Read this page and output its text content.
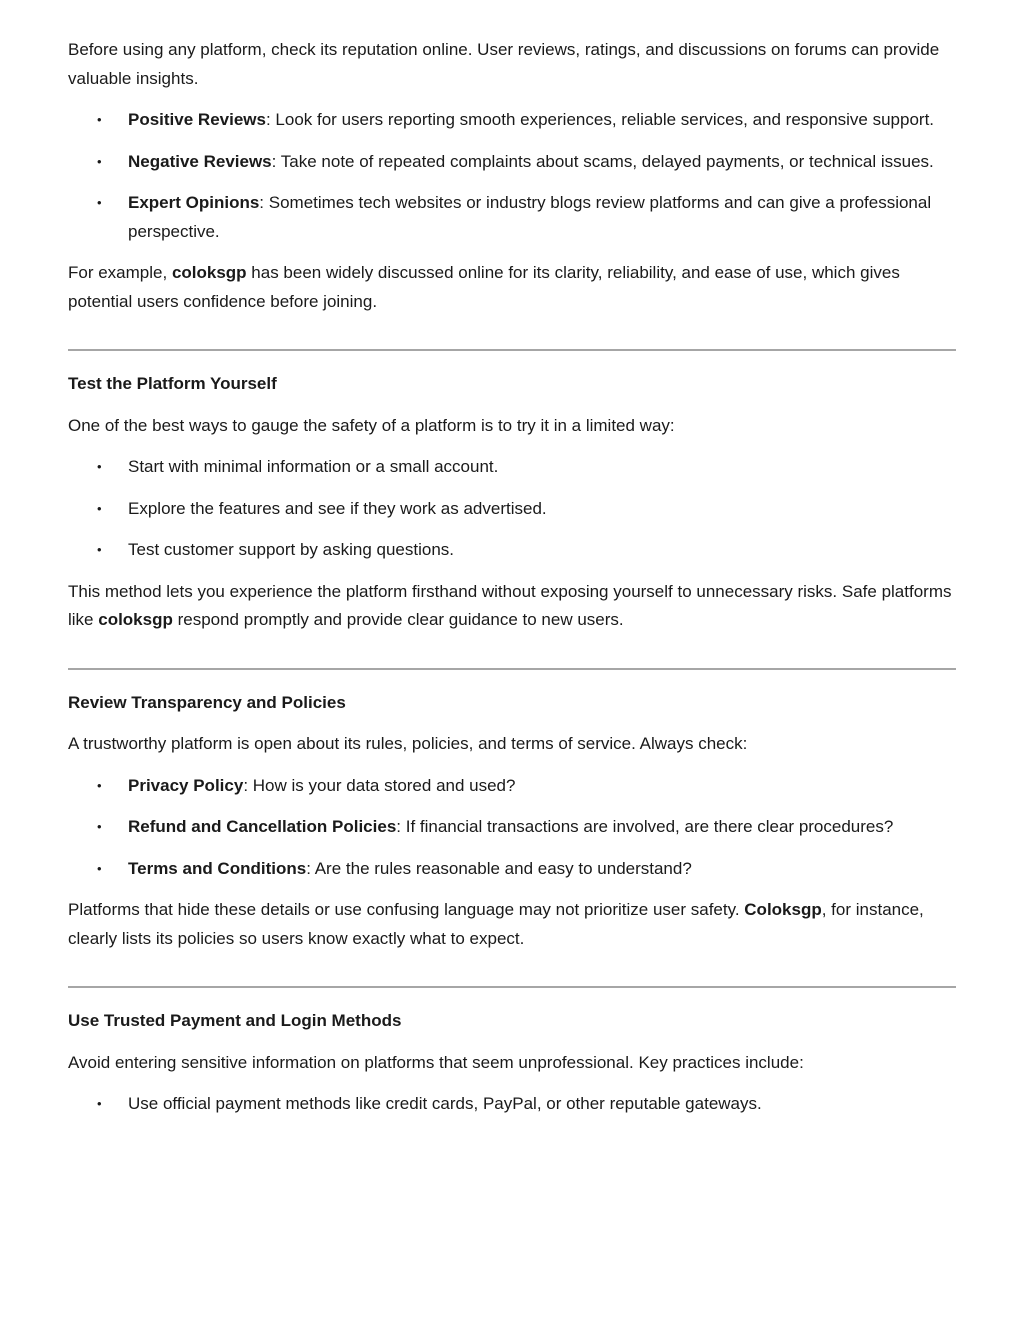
Before using any platform, check its reputation online. User reviews, ratings, and discussions on forums can provide valuable insights.

• Positive Reviews: Look for users reporting smooth experiences, reliable services, and responsive support.
• Negative Reviews: Take note of repeated complaints about scams, delayed payments, or technical issues.
• Expert Opinions: Sometimes tech websites or industry blogs review platforms and can give a professional perspective.

For example, coloksgp has been widely discussed online for its clarity, reliability, and ease of use, which gives potential users confidence before joining.

Test the Platform Yourself

One of the best ways to gauge the safety of a platform is to try it in a limited way:

• Start with minimal information or a small account.
• Explore the features and see if they work as advertised.
• Test customer support by asking questions.

This method lets you experience the platform firsthand without exposing yourself to unnecessary risks. Safe platforms like coloksgp respond promptly and provide clear guidance to new users.

Review Transparency and Policies

A trustworthy platform is open about its rules, policies, and terms of service. Always check:

• Privacy Policy: How is your data stored and used?
• Refund and Cancellation Policies: If financial transactions are involved, are there clear procedures?
• Terms and Conditions: Are the rules reasonable and easy to understand?

Platforms that hide these details or use confusing language may not prioritize user safety. Coloksgp, for instance, clearly lists its policies so users know exactly what to expect.

Use Trusted Payment and Login Methods

Avoid entering sensitive information on platforms that seem unprofessional. Key practices include:

• Use official payment methods like credit cards, PayPal, or other reputable gateways.
